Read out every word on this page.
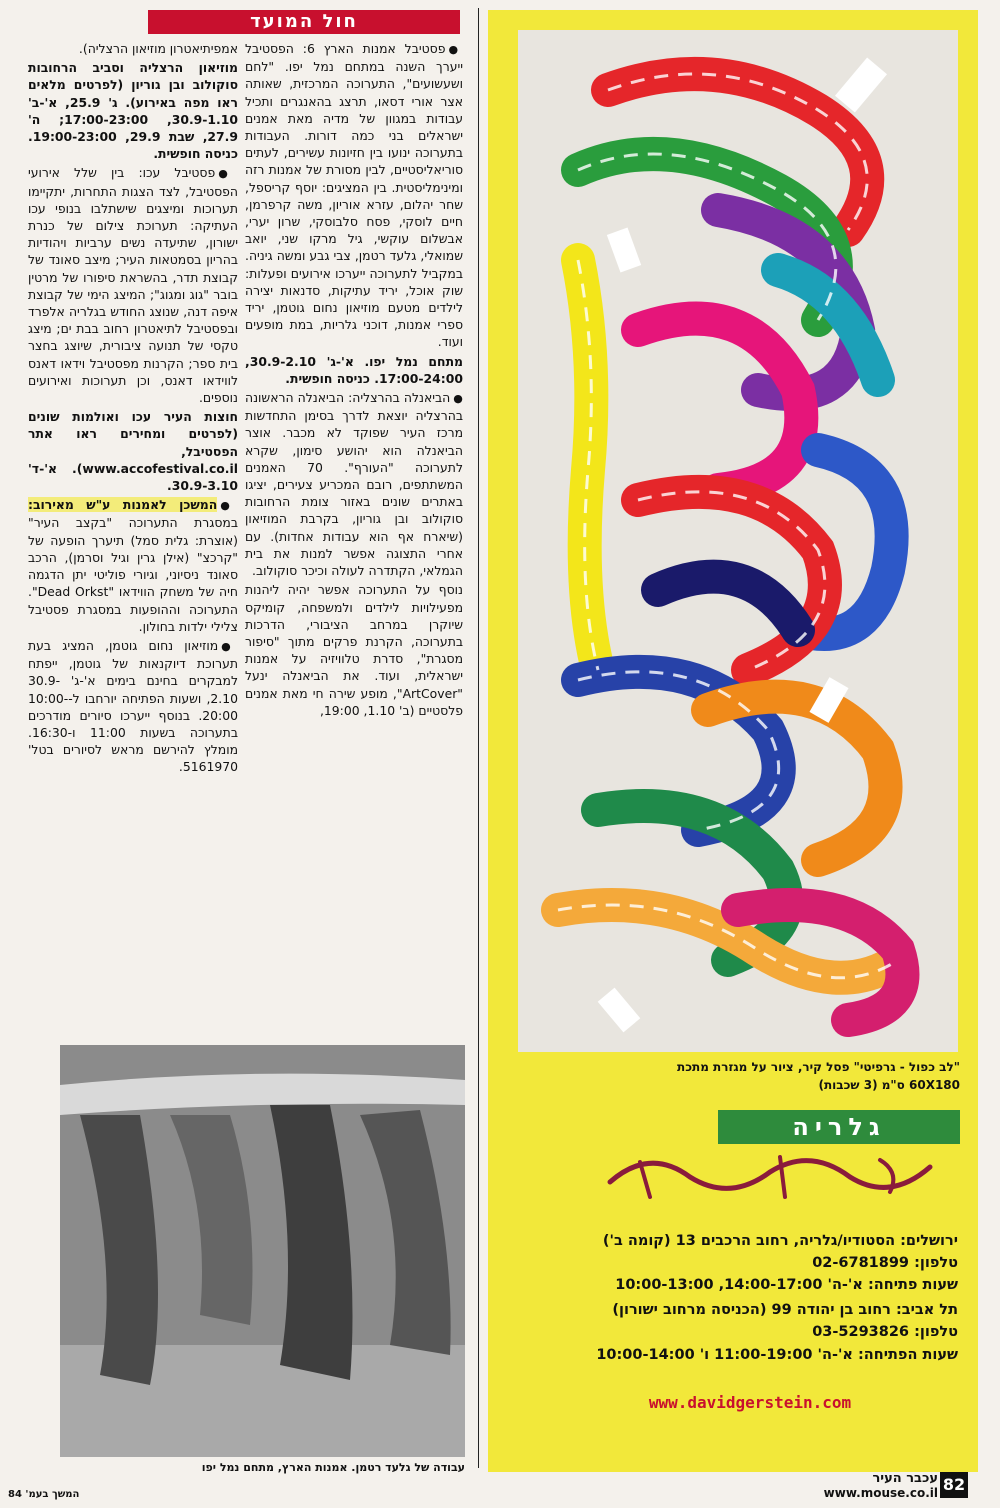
חול המועד

●פסטיבל אמנות הארץ 6: הפסטיבל ייערך השנה במתחם נמל יפו. "לחם ושעשועים", התערוכה המרכזית, שאותה אצר אורי דסאו, תרצג בהאנגרים ותכיל עבודות במגוון של מדיה מאת אמנים ישראלים בני כמה דורות. העבודות בתערוכה ינועו בין חזיונות עשירים, לעתים סוריאליסטיים, לבין מסורת של אמנות רזה ומינימליסטית. בין המציגים: יוסף קריספל, שחר יהלום, עזרא אוריון, משה קרפרמן, חיים לוסקי, פסח סלבוסקי, שרון יערי, אבשלום עוקשי, גיל מרקו שני, יואב שמואלי, גלעד רטמן, צבי גבע ומשה גיניה. במקביל לתערוכה ייערכו אירועים ופעלות: שוק אוכל, יריד עתיקות, סדנאות יצירה לילדים מטעם מוזיאון נחום גוטמן, יריד ספרי אמנות, דוכני גלריות, במת מופעים ועוד.

מתחם נמל יפו. א'-ג' 30.9-2.10, 17:00-24:00. כניסה חופשית.

●הביאנלה בהרצליה: הביאנלה הראשונה בהרצליה יוצאת לדרך בסימן התחדשות מרכז העיר שפוקד לא מכבר. אוצר הביאנלה הוא יהושע סימון, שקרא לתערוכה "העורף". 70 האמנים המשתתפים, רובם המכריע צעירים, יציגו באתרים שונים באזור צומת הרחובות סוקולוב ובן גוריון, בקרבת המוזיאון (שיארח אף הוא עבודות אחדות). עם אחרי התצוגה אפשר למנות את בית הגמלאי, הקתדרה לעולה וכיכר סוקולוב.

נוסף על התערוכה אפשר יהיה ליהנות מפעילויות לילדים ולמשפחה, קומיקס שיוקרן במרחב הציבורי, הדרכות בתערוכה, הקרנת פרקים מתוך "סיפור מסגרת", סדרת טלוויזיה על אמנות ישראלית, ועוד. את הביאנלה ינעל "ArtCover", מופע שירה חי מאת אמנים פלסטיים (ב' 1.10, 19:00,

אמפיתיאטרון מוזיאון הרצליה).

מוזיאון הרצליה וסביב הרחובות סוקולוב ובן גוריון (לפרטים מלאים ראו מפה באירוע). ג' 25.9, א'-ב' 30.9-1.10, 17:00-23:00; ה' 27.9, שבת 29.9, 19:00-23:00. כניסה חופשית.

●פסטיבל עכו: בין שלל אירועי הפסטיבל, לצד הצגות התחרות, יתקיימו תערוכות ומיצגים שישתלבו בנופי עכו העתיקה: תערוכת צילום של כנרת ישורון, שתיעדה נשים ערביות ויהודיות בהריון בסמטאות העיר; מיצב סאונד של קבוצת תדר, בהשראת סיפורו של מרטין בובר "גוג ומגוג"; המיצג הימי של קבוצת איפה דנה, שנוצג החודש בגלריה אלפרד ובפסטיבל לתיאטרון רחוב בבת ים; מיצג טקסי של תנועה ציבורית, שיוצג בחצר בית ספר; הקרנות מפסטיבל וידאו דאנס לווידאו דאנס, וכן תערוכות ואירועים נוספים.

חוצות העיר עכו ואולמות שונים (לפרטים ומחירים ראו אתר הפסטיבל, www.accofestival.co.il). א'-ד' 30.9-3.10.

●המשכן לאמנות ע"ש מאירוב: במסגרת התערוכה "בקצב העיר" (אוצרת: גלית סמל) תיערך הופעה של "קרכצ" (אילן גרין וגיל וסרמן), הרכב סאונד ניסיוני, וגיורי פוליטי יתן הדגמה חיה של משחק הווידאו "Dead Orkst". התערוכה וההופעות במסגרת פסטיבל צלילי ילדות בחולון.

●מוזיאון נחום גוטמן, המציג בעת תערוכת דיוקנאות של גוטמן, ייפתח למבקרים בחינם בימים א'-ג' 30.9-2.10, ושעות הפתיחה יורחבו ל-10:00-20:00. בנוסף ייערכו סיורים מודרכים בתערוכה בשעות 11:00 ו-16:30. מומלץ להירשם מראש לסיורים בטל' 5161970.

עבודה של גלעד רטמן. אמנות הארץ, מתחם נמל יפו
המשך בעמ' 84
"לב כפול - גרפיטי" פסל קיר, ציור על מגזרת מתכת
60X180 ס"מ (3 שכבות)
גלריה
ירושלים: הסטודיו/גלריה, רחוב הרכבים 13 (קומה ב')
טלפון: 02-6781899
שעות פתיחה: א'-ה' 14:00-17:00, 10:00-13:00
תל אביב: רחוב בן יהודה 99 (הכניסה מרחוב ישורון)
טלפון: 03-5293826
שעות הפתיחה: א'-ה' 11:00-19:00 ו' 10:00-14:00
www.davidgerstein.com
עכבר העיר
www.mouse.co.il 82
